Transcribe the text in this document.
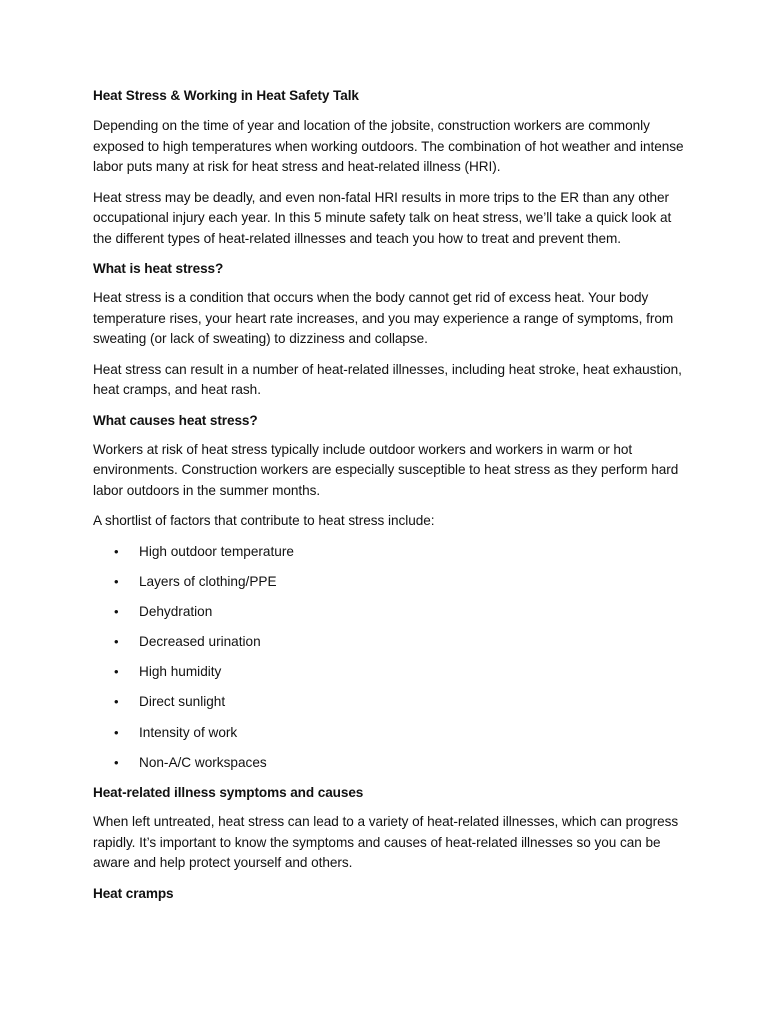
Heat Stress & Working in Heat Safety Talk

Depending on the time of year and location of the jobsite, construction workers are commonly exposed to high temperatures when working outdoors. The combination of hot weather and intense labor puts many at risk for heat stress and heat-related illness (HRI).

Heat stress may be deadly, and even non-fatal HRI results in more trips to the ER than any other occupational injury each year. In this 5 minute safety talk on heat stress, we’ll take a quick look at the different types of heat-related illnesses and teach you how to treat and prevent them.

What is heat stress?

Heat stress is a condition that occurs when the body cannot get rid of excess heat. Your body temperature rises, your heart rate increases, and you may experience a range of symptoms, from sweating (or lack of sweating) to dizziness and collapse.

Heat stress can result in a number of heat-related illnesses, including heat stroke, heat exhaustion, heat cramps, and heat rash.

What causes heat stress?

Workers at risk of heat stress typically include outdoor workers and workers in warm or hot environments. Construction workers are especially susceptible to heat stress as they perform hard labor outdoors in the summer months.

A shortlist of factors that contribute to heat stress include:

• High outdoor temperature
• Layers of clothing/PPE
• Dehydration
• Decreased urination
• High humidity
• Direct sunlight
• Intensity of work
• Non-A/C workspaces
Heat-related illness symptoms and causes

When left untreated, heat stress can lead to a variety of heat-related illnesses, which can progress rapidly. It’s important to know the symptoms and causes of heat-related illnesses so you can be aware and help protect yourself and others.

Heat cramps
